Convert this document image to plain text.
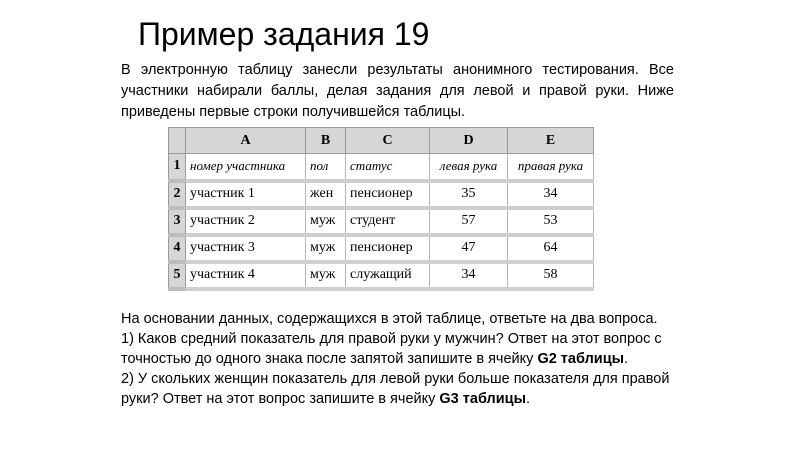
Пример задания 19

В электронную таблицу занесли результаты анонимного тестирования. Все участники набирали баллы, делая задания для левой и правой руки. Ниже приведены первые строки получившейся таблицы.

	A	B	C	D	E
1	номер участника	пол	статус	левая рука	правая рука
2	участник 1	жен	пенсионер	35	34
3	участник 2	муж	студент	57	53
4	участник 3	муж	пенсионер	47	64
5	участник 4	муж	служащий	34	58

На основании данных, содержащихся в этой таблице, ответьте на два вопроса.

1) Каков средний показатель для правой руки у мужчин? Ответ на этот вопрос с точностью до одного знака после запятой запишите в ячейку G2 таблицы.

2) У скольких женщин показатель для левой руки больше показателя для правой руки? Ответ на этот вопрос запишите в ячейку G3 таблицы.
